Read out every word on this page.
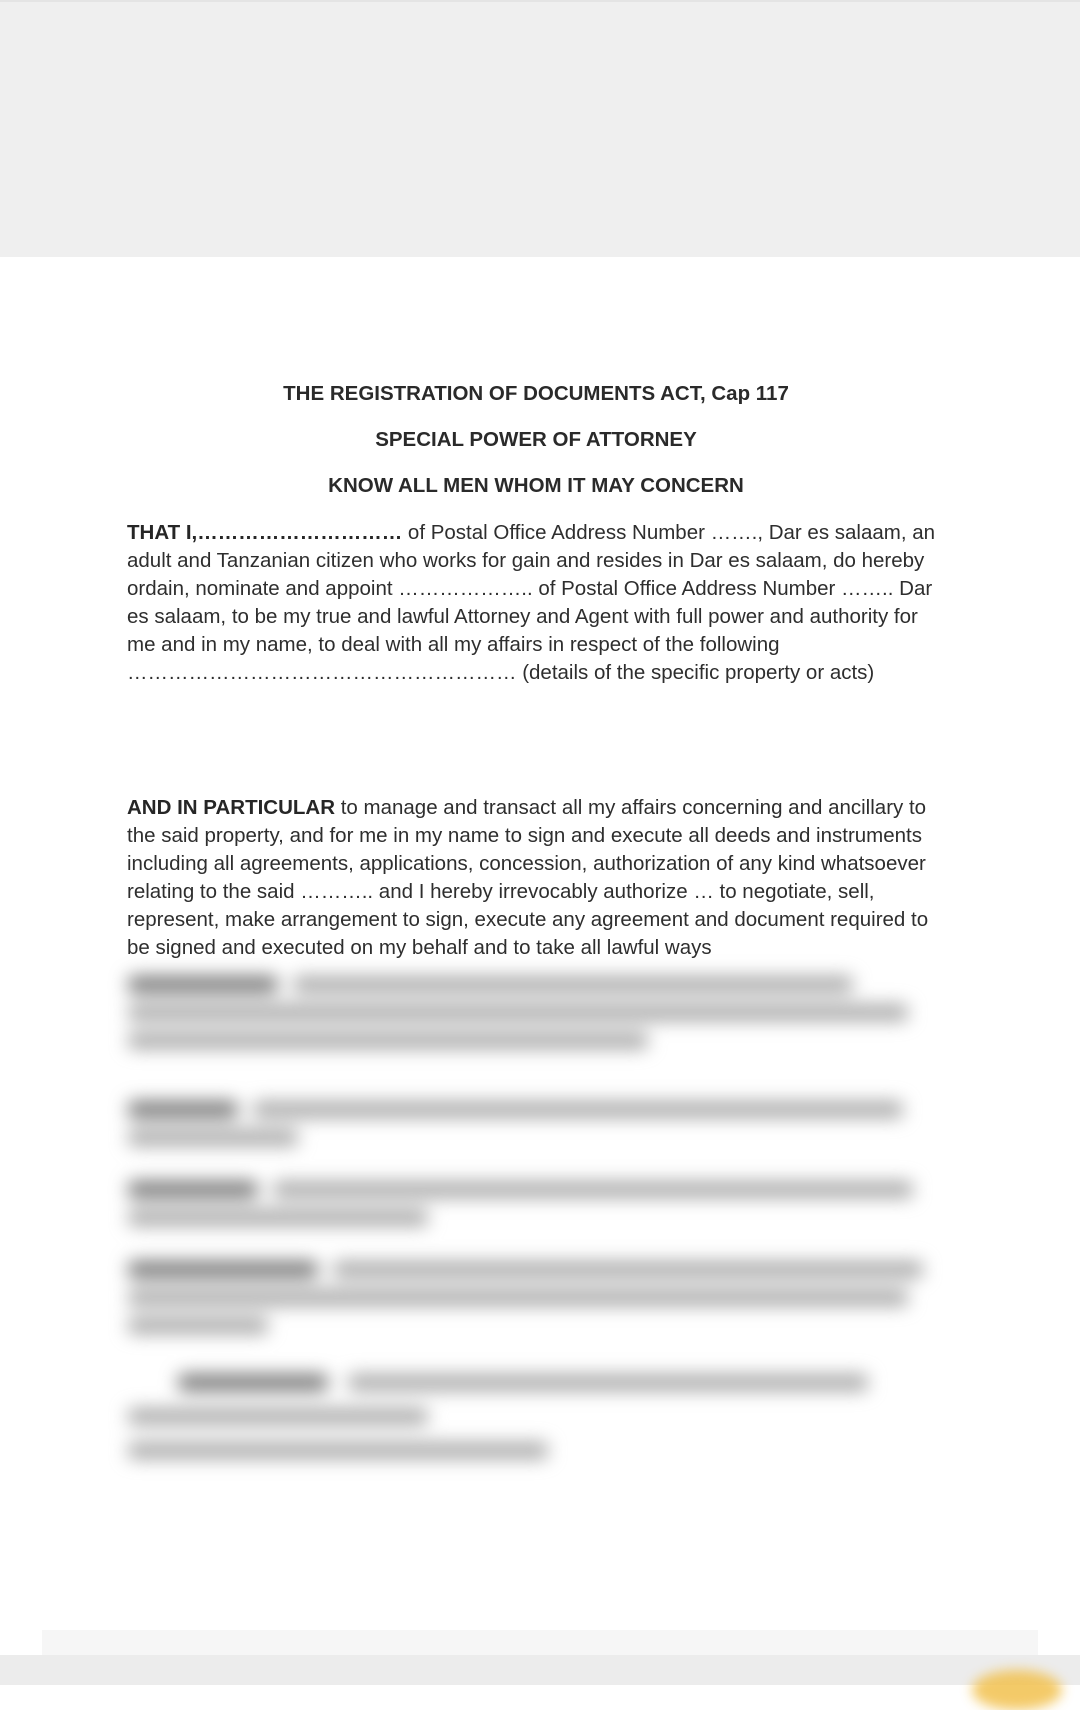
THE REGISTRATION OF DOCUMENTS ACT, Cap 117

SPECIAL POWER OF ATTORNEY

KNOW ALL MEN WHOM IT MAY CONCERN

THAT I,………………………… of Postal Office Address Number ……., Dar es salaam, an adult and Tanzanian citizen who works for gain and resides in Dar es salaam, do hereby ordain, nominate and appoint ……………….. of Postal Office Address Number …….. Dar es salaam, to be my true and lawful Attorney and Agent with full power and authority for me and in my name, to deal with all my affairs in respect of the following ………………………………………………… (details of the specific property or acts)

AND IN PARTICULAR to manage and transact all my affairs concerning and ancillary to the said property, and for me in my name to sign and execute all deeds and instruments including all agreements, applications, concession, authorization of any kind whatsoever relating to the said ……….. and I hereby irrevocably authorize … to negotiate, sell, represent, make arrangement to sign, execute any agreement and document required to be signed and executed on my behalf and to take all lawful ways
